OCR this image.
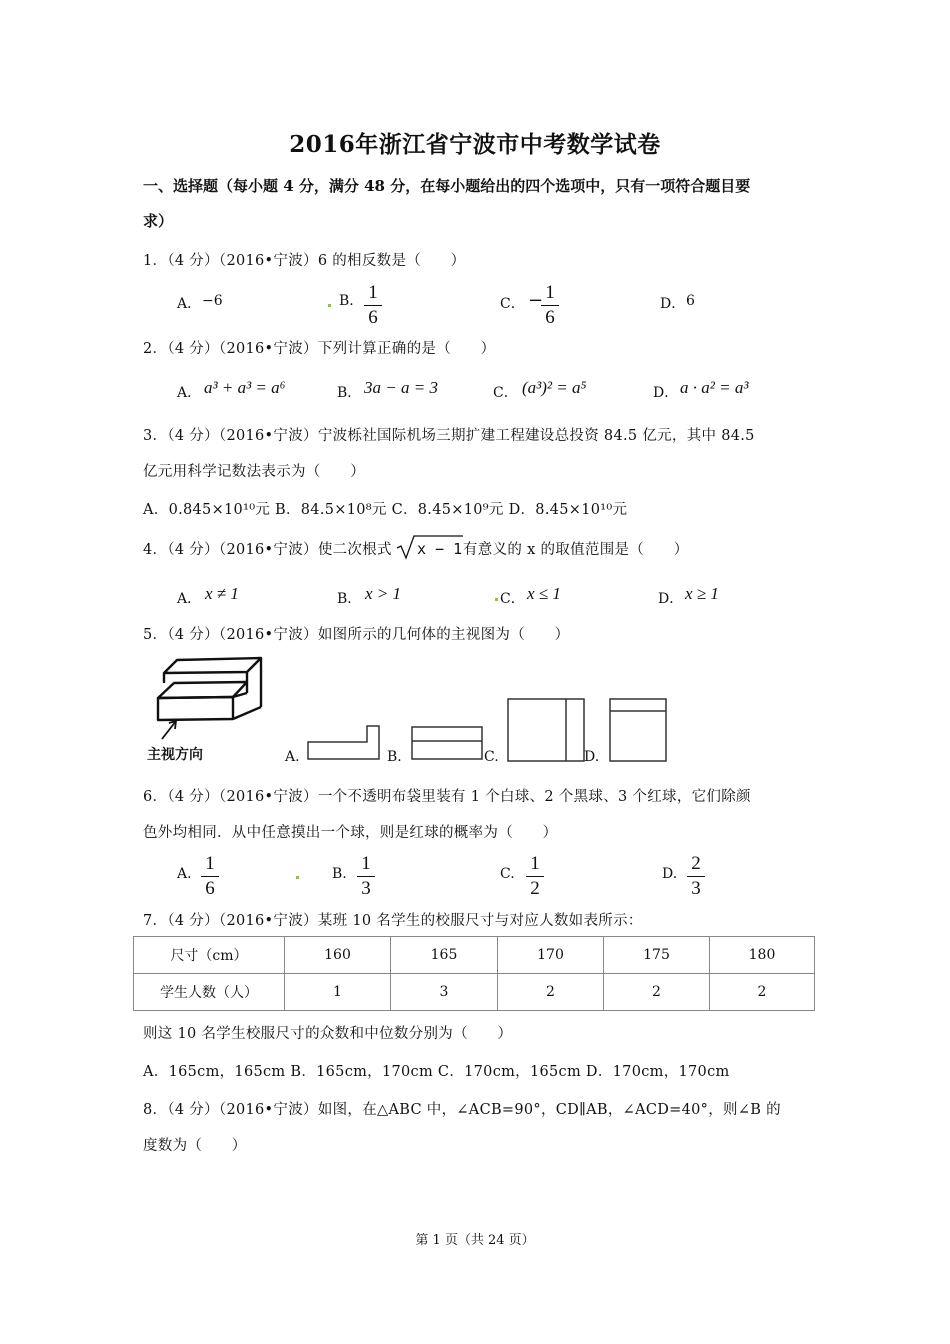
2016年浙江省宁波市中考数学试卷
一、选择题（每小题 4 分，满分 48 分，在每小题给出的四个选项中，只有一项符合题目要
求）
1．（4 分）（2016•宁波）6 的相反数是（　　）
A． −6	B. 1
6
C． − 1
6
D． 6
2．（4 分）（2016•宁波）下列计算正确的是（　　）
A． a³ + a³ = a⁶	B． 3a − a = 3	C． (a³)² = a⁵	D． a · a² = a³
3．（4 分）（2016•宁波）宁波栎社国际机场三期扩建工程建设总投资 84.5 亿元，其中 84.5
亿元用科学记数法表示为（　　）
A．0.845×10¹⁰元 B．84.5×10⁸元 C．8.45×10⁹元 D．8.45×10¹⁰元
4．（4 分）（2016•宁波）使二次根式 x − 1 有意义的 x 的取值范围是（　　）
A． x ≠ 1	B． x > 1	C． x ≤ 1	D． x ≥ 1
5．（4 分）（2016•宁波）如图所示的几何体的主视图为（　　）
主视方向	A.	B.	C.	D.
6．（4 分）（2016•宁波）一个不透明布袋里装有 1 个白球、2 个黑球、3 个红球，它们除颜
色外均相同．从中任意摸出一个球，则是红球的概率为（　　）
A. 1
6
B. 1
3
C. 1
2
D. 2
3
7．（4 分）（2016•宁波）某班 10 名学生的校服尺寸与对应人数如表所示：
尺寸（cm）	160	165	170	175	180
学生人数（人）	1	3	2	2	2
则这 10 名学生校服尺寸的众数和中位数分别为（　　）
A．165cm，165cm B．165cm，170cm C．170cm，165cm D．170cm，170cm
8．（4 分）（2016•宁波）如图，在△ABC 中，∠ACB=90°，CD∥AB，∠ACD=40°，则∠B 的
度数为（　　）
第 1 页（共 24 页）
